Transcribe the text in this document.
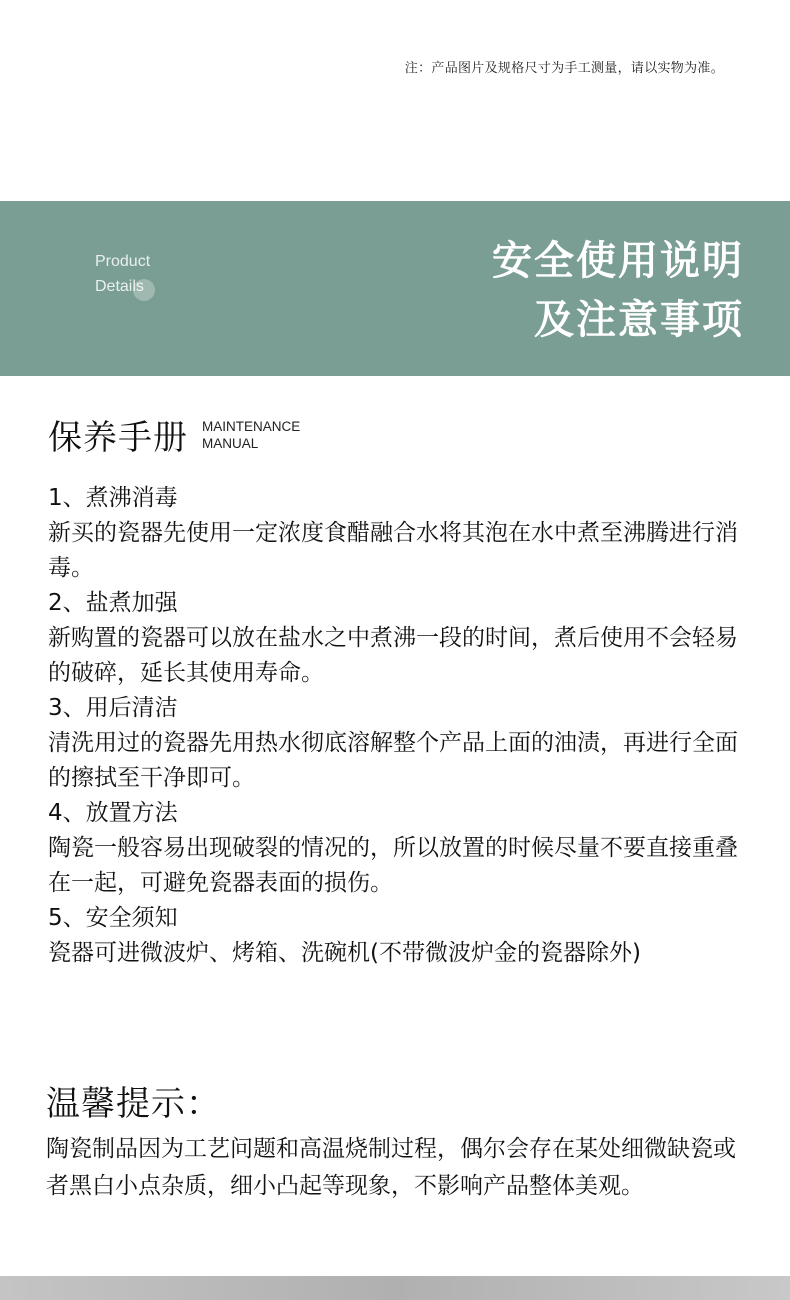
注：产品图片及规格尺寸为手工测量，请以实物为准。
Product
Details
安全使用说明
及注意事项
保养手册 MAINTENANCE
MANUAL

1、煮沸消毒

新买的瓷器先使用一定浓度食醋融合水将其泡在水中煮至沸腾进行消毒。

2、盐煮加强

新购置的瓷器可以放在盐水之中煮沸一段的时间，煮后使用不会轻易的破碎，延长其使用寿命。

3、用后清洁

清洗用过的瓷器先用热水彻底溶解整个产品上面的油渍，再进行全面的擦拭至干净即可。

4、放置方法

陶瓷一般容易出现破裂的情况的，所以放置的时候尽量不要直接重叠在一起，可避免瓷器表面的损伤。

5、安全须知

瓷器可进微波炉、烤箱、洗碗机(不带微波炉金的瓷器除外)

温馨提示：
陶瓷制品因为工艺问题和高温烧制过程，偶尔会存在某处细微缺瓷或者黑白小点杂质，细小凸起等现象，不影响产品整体美观。
